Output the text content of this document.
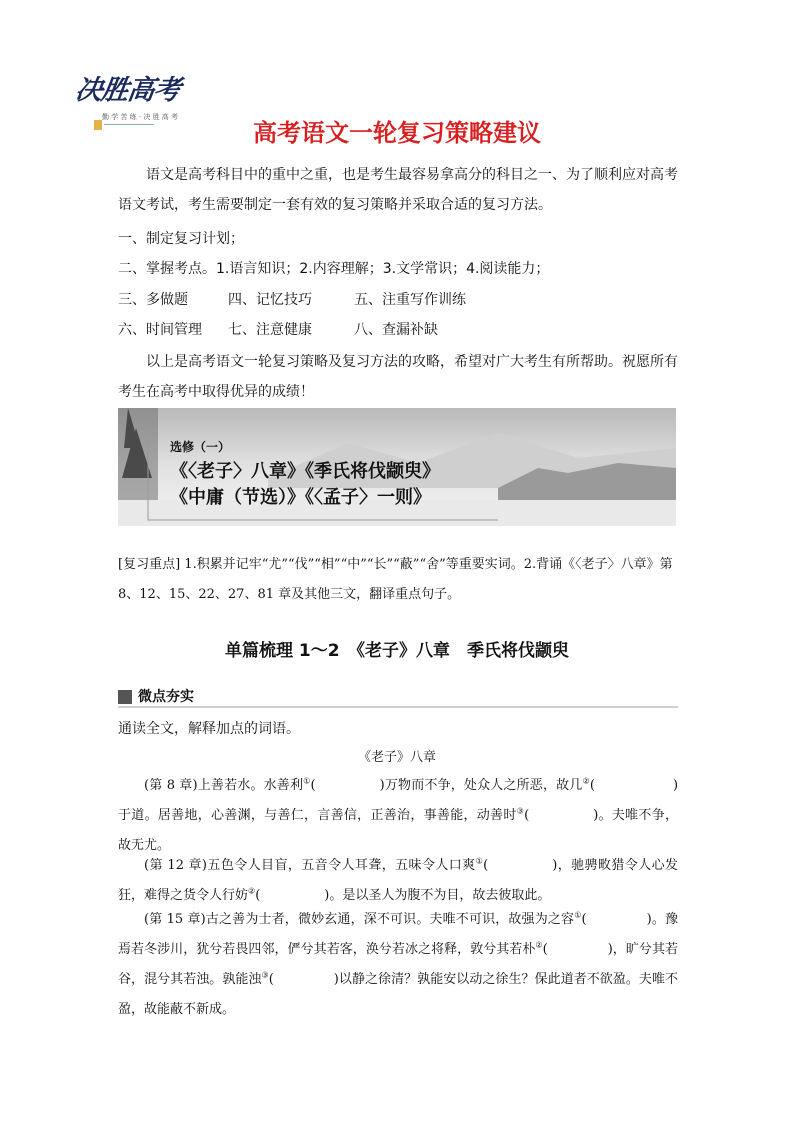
决胜高考
勤 学 苦 练 · 决 胜 高 考
高考语文一轮复习策略建议

语文是高考科目中的重中之重，也是考生最容易拿高分的科目之一、为了顺利应对高考语文考试，考生需要制定一套有效的复习策略并采取合适的复习方法。

一、制定复习计划；
二、掌握考点。1.语言知识；2.内容理解；3.文学常识；4.阅读能力；
三、多做题	四、记忆技巧	五、注重写作训练
六、时间管理 七、注意健康	八、查漏补缺

以上是高考语文一轮复习策略及复习方法的攻略，希望对广大考生有所帮助。祝愿所有考生在高考中取得优异的成绩！

选修（一）
《〈老子〉八章》《季氏将伐颛臾》
《中庸（节选）》《〈孟子〉一则》

[复习重点] 1.积累并记牢“尤”“伐”“相”“中”“长”“蔽”“舍”等重要实词。2.背诵《〈老子〉八章》第 8、12、15、22、27、81 章及其他三文，翻译重点句子。

单篇梳理 1～2　《老子》八章　季氏将伐颛臾
微点夯实
通读全文，解释加点的词语。
《老子》八章

(第 8 章)上善若水。水善利①(	)万物而不争，处众人之所恶，故几②(	)于道。居善地，心善渊，与善仁，言善信，正善治，事善能，动善时③(	)。夫唯不争，故无尤。

(第 12 章)五色令人目盲，五音令人耳聋，五味令人口爽①(	)，驰骋畋猎令人心发狂，难得之货令人行妨②(	)。是以圣人为腹不为目，故去彼取此。

(第 15 章)古之善为士者，微妙玄通，深不可识。夫唯不可识，故强为之容①(	)。豫焉若冬涉川，犹兮若畏四邻，俨兮其若客，涣兮若冰之将释，敦兮其若朴②(	)，旷兮其若谷，混兮其若浊。孰能浊③(	)以静之徐清？孰能安以动之徐生？保此道者不欲盈。夫唯不盈，故能蔽不新成。
